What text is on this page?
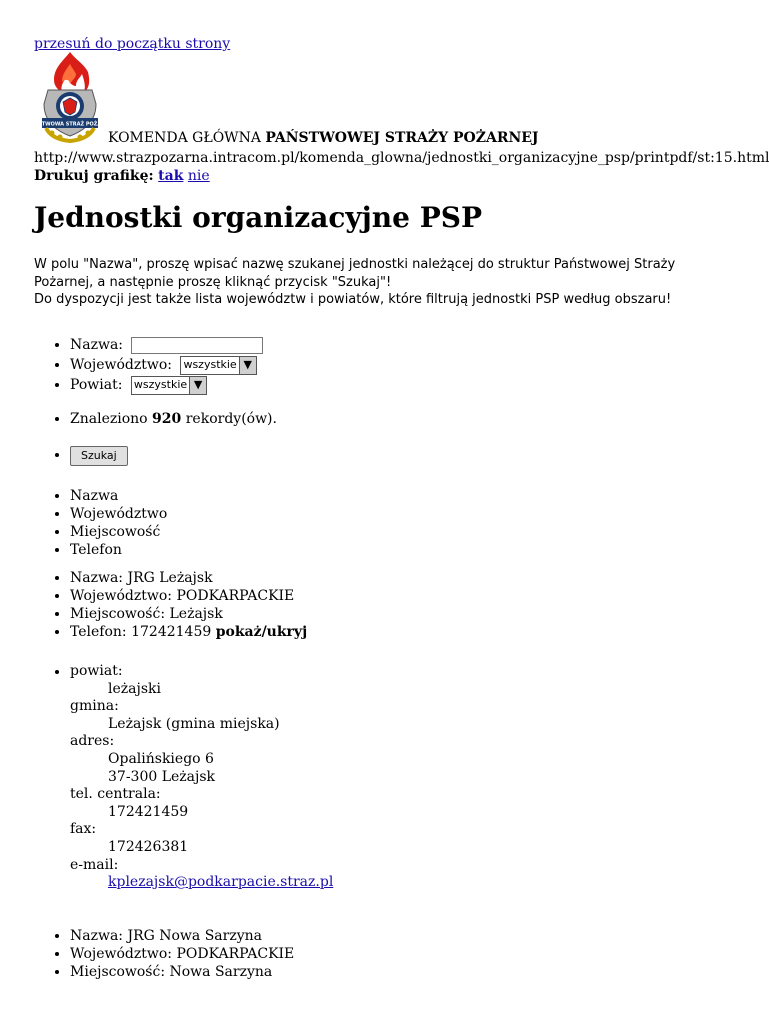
przesuń do początku strony
PAŃSTWOWA STRAŻ POŻARNA
KOMENDA GŁÓWNA PAŃSTWOWEJ STRAŻY POŻARNEJ
http://www.strazpozarna.intracom.pl/komenda_glowna/jednostki_organizacyjne_psp/printpdf/st:15.html
Drukuj grafikę: tak nie
Jednostki organizacyjne PSP
W polu "Nazwa", proszę wpisać nazwę szukanej jednostki należącej do struktur Państwowej Straży
Pożarnej, a następnie proszę kliknąć przycisk "Szukaj"!
Do dyspozycji jest także lista województw i powiatów, które filtrują jednostki PSP według obszaru!
• Nazwa:
• Województwo: wszystkie ▼
• Powiat: wszystkie ▼
• Znaleziono 920 rekordy(ów).
• Szukaj
• Nazwa
• Województwo
• Miejscowość
• Telefon
• Nazwa: JRG Leżajsk
• Województwo: PODKARPACKIE
• Miejscowość: Leżajsk
• Telefon: 172421459 pokaż/ukryj
•
powiat:
leżajski
gmina:
Leżajsk (gmina miejska)
adres:
Opalińskiego 6
37-300 Leżajsk
tel. centrala:
172421459
fax:
172426381
e-mail:
kplezajsk@podkarpacie.straz.pl
• Nazwa: JRG Nowa Sarzyna
• Województwo: PODKARPACKIE
• Miejscowość: Nowa Sarzyna
